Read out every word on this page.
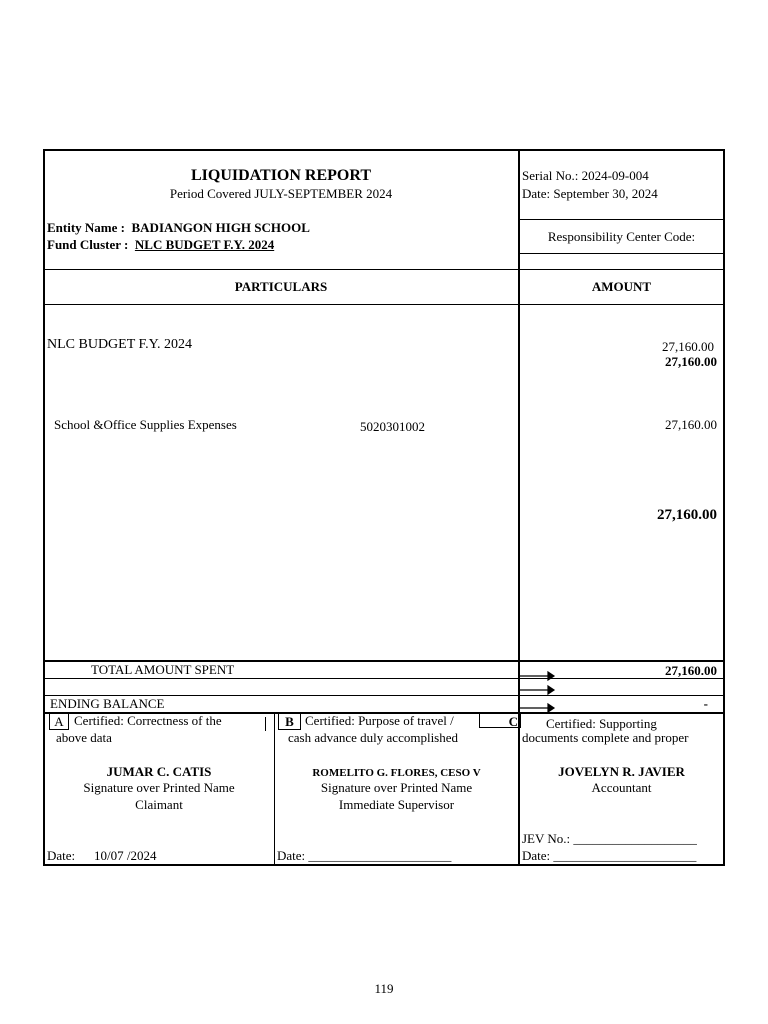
LIQUIDATION REPORT
Period Covered JULY-SEPTEMBER 2024
Serial No.: 2024-09-004
Date: September 30, 2024
Entity Name : BADIANGON HIGH SCHOOL
Fund Cluster : NLC BUDGET F.Y. 2024
Responsibility Center Code:
PARTICULARS	AMOUNT
NLC BUDGET F.Y. 2024	27,160.00
27,160.00
School &Office Supplies Expenses	5020301002	27,160.00
27,160.00
TOTAL AMOUNT SPENT	27,160.00
ENDING BALANCE	-
A Certified: Correctness of the
above data
JUMAR C. CATIS
Signature over Printed Name
Claimant
Date: 10/07 /2024
B Certified: Purpose of travel /
cash advance duly accomplished
ROMELITO G. FLORES, CESO V
Signature over Printed Name
Immediate Supervisor
Date: ______________________
C Certified: Supporting
documents complete and proper
JOVELYN R. JAVIER
Accountant
JEV No.: ___________________
Date: ______________________
119
